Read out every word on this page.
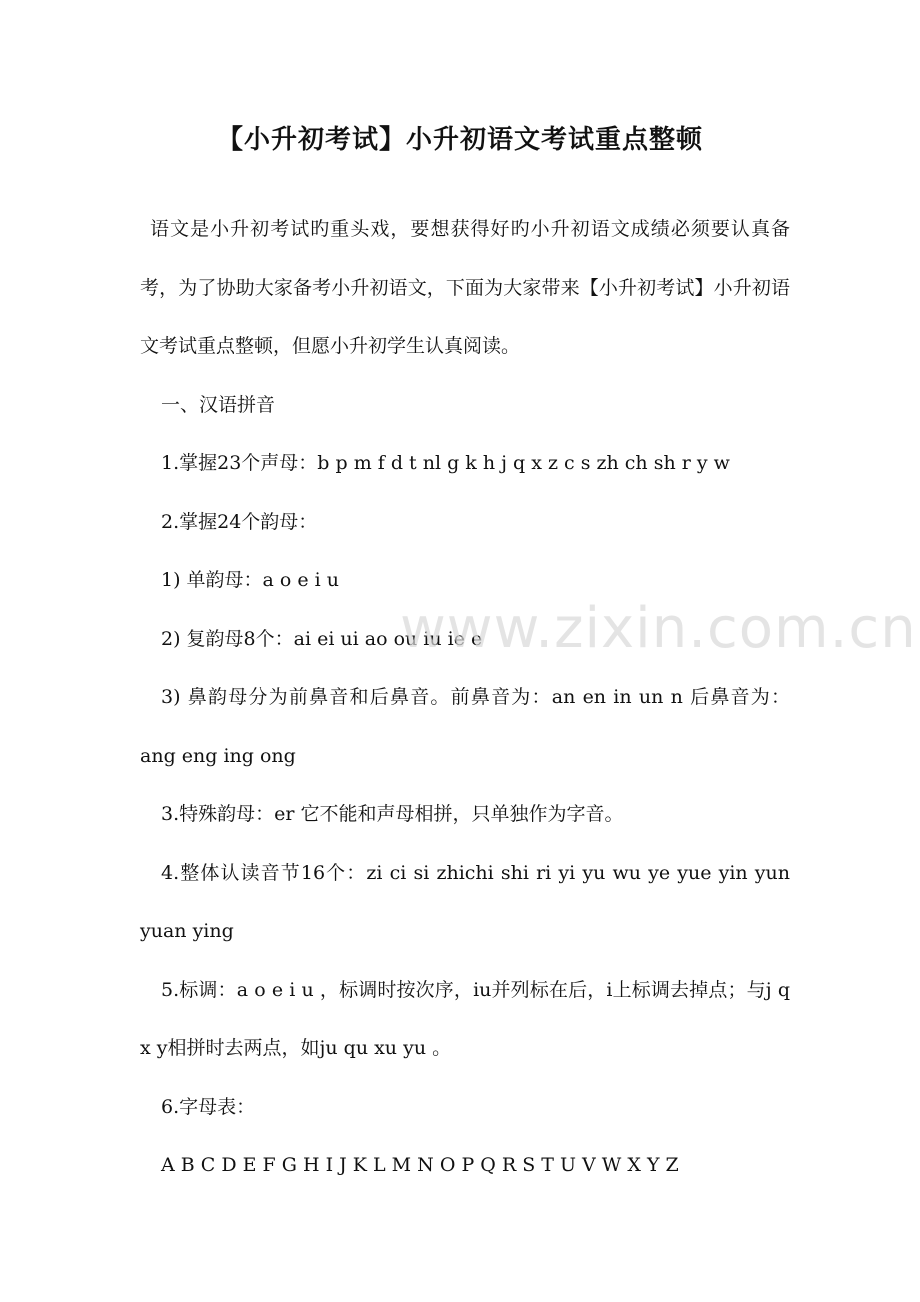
【小升初考试】小升初语文考试重点整顿

语文是小升初考试旳重头戏，要想获得好旳小升初语文成绩必须要认真备考，为了协助大家备考小升初语文，下面为大家带来【小升初考试】小升初语文考试重点整顿，但愿小升初学生认真阅读。

一、汉语拼音

1.掌握23个声母：b p m f d t nl g k h j q x z c s zh ch sh r y w

2.掌握24个韵母：

1) 单韵母：a o e i u

2) 复韵母8个：ai ei ui ao ou iu ie e

3) 鼻韵母分为前鼻音和后鼻音。前鼻音为：an en in un n 后鼻音为：ang eng ing ong

3.特殊韵母：er 它不能和声母相拼，只单独作为字音。

4.整体认读音节16个：zi ci si zhichi shi ri yi yu wu ye yue yin yun yuan ying

5.标调：a o e i u ，标调时按次序，iu并列标在后，i上标调去掉点；与j q x y相拼时去两点，如ju qu xu yu 。

6.字母表：

A B C D E F G H I J K L M N O P Q R S T U V W X Y Z

www.zixin.com.cn
